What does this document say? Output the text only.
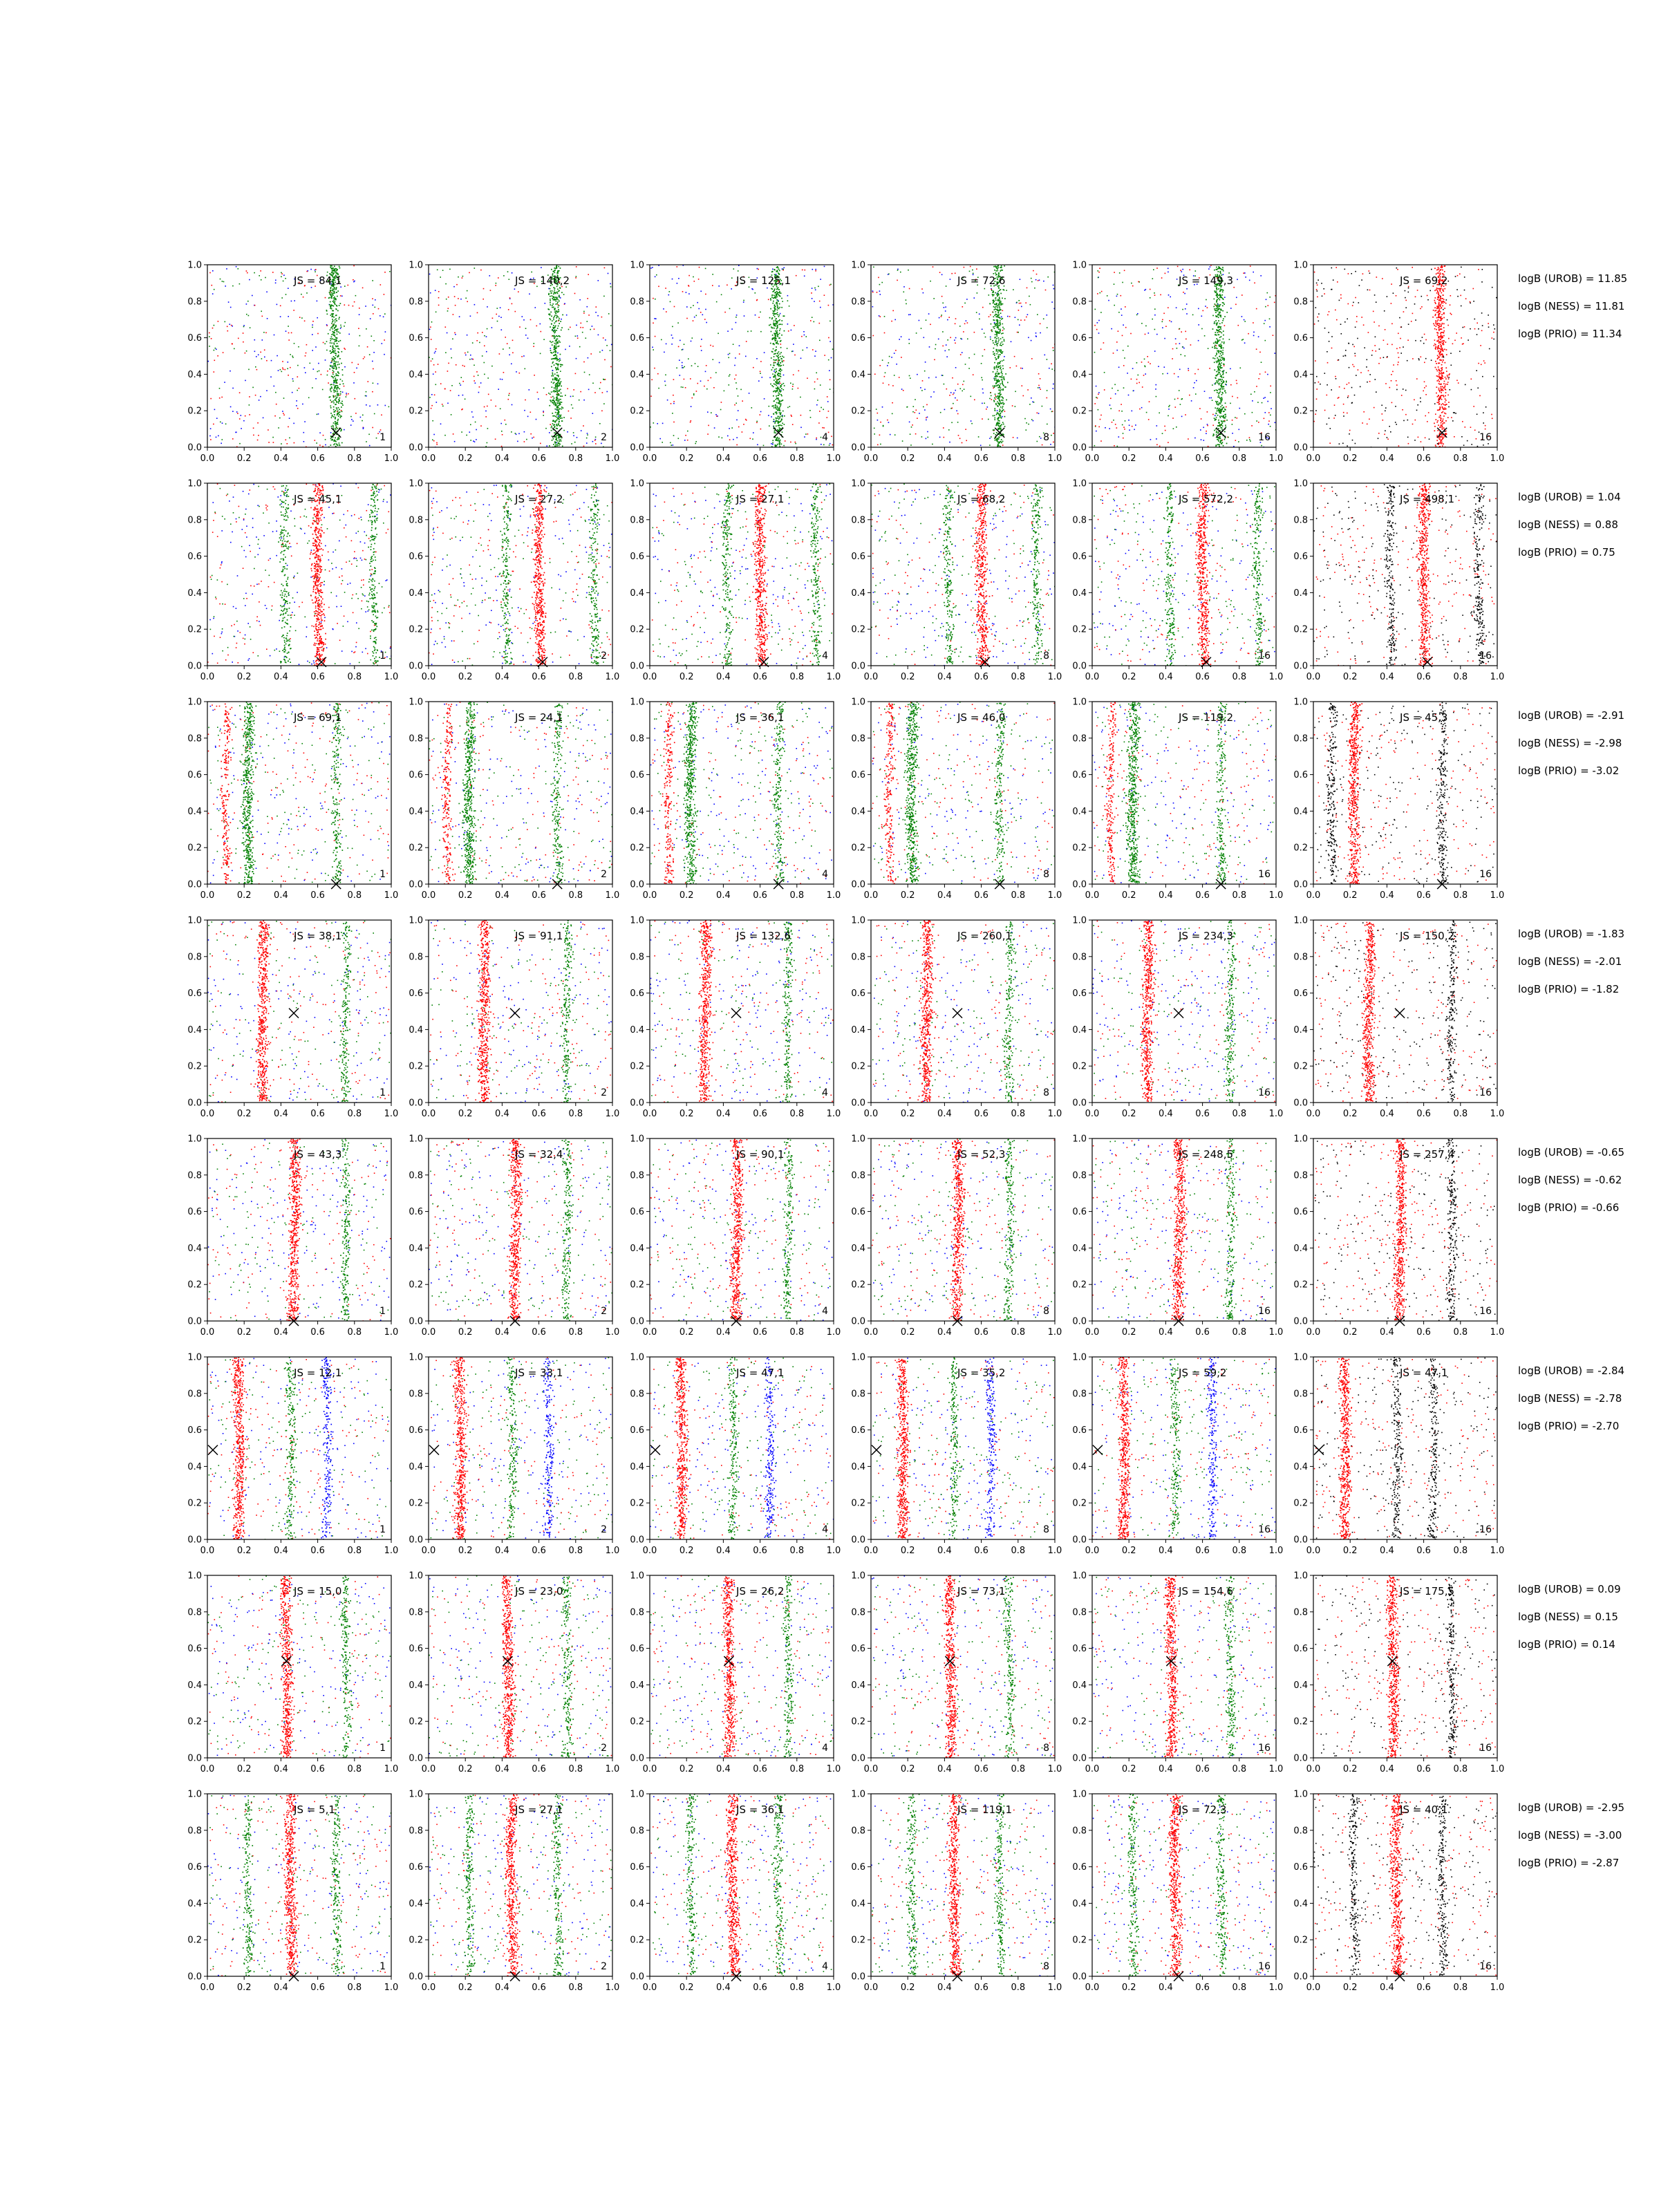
0.0	0.2	0.4	0.6	0.8	1.0
0.0
0.2
0.4
0.6
0.8
1.0
JS = 84,1
1
0.0	0.2	0.4	0.6	0.8	1.0
0.0
0.2
0.4
0.6
0.8
1.0
JS = 140,2
2
0.0	0.2	0.4	0.6	0.8	1.0
0.0
0.2
0.4
0.6
0.8
1.0
JS = 125,1
4
0.0	0.2	0.4	0.6	0.8	1.0
0.0
0.2
0.4
0.6
0.8
1.0
JS = 72,6
8
0.0	0.2	0.4	0.6	0.8	1.0
0.0
0.2
0.4
0.6
0.8
1.0
JS = 149,3
16
0.0	0.2	0.4	0.6	0.8	1.0
0.0
0.2
0.4
0.6
0.8
1.0
JS = 69,2
16
logB (UROB) = 11.85
logB (NESS) = 11.81
logB (PRIO) = 11.34
0.0	0.2	0.4	0.6	0.8	1.0
0.0
0.2
0.4
0.6
0.8
1.0
JS = 45,1
1
0.0	0.2	0.4	0.6	0.8	1.0
0.0
0.2
0.4
0.6
0.8
1.0
JS = 27,2
2
0.0	0.2	0.4	0.6	0.8	1.0
0.0
0.2
0.4
0.6
0.8
1.0
JS = 27,1
4
0.0	0.2	0.4	0.6	0.8	1.0
0.0
0.2
0.4
0.6
0.8
1.0
JS = 68,2
8
0.0	0.2	0.4	0.6	0.8	1.0
0.0
0.2
0.4
0.6
0.8
1.0
JS = 572,2
16
0.0	0.2	0.4	0.6	0.8	1.0
0.0
0.2
0.4
0.6
0.8
1.0
JS = 498,1
16
logB (UROB) = 1.04
logB (NESS) = 0.88
logB (PRIO) = 0.75
0.0	0.2	0.4	0.6	0.8	1.0
0.0
0.2
0.4
0.6
0.8
1.0
JS = 69,1
1
0.0	0.2	0.4	0.6	0.8	1.0
0.0
0.2
0.4
0.6
0.8
1.0
JS = 24,1
2
0.0	0.2	0.4	0.6	0.8	1.0
0.0
0.2
0.4
0.6
0.8
1.0
JS = 36,1
4
0.0	0.2	0.4	0.6	0.8	1.0
0.0
0.2
0.4
0.6
0.8
1.0
JS = 46,0
8
0.0	0.2	0.4	0.6	0.8	1.0
0.0
0.2
0.4
0.6
0.8
1.0
JS = 119,2
16
0.0	0.2	0.4	0.6	0.8	1.0
0.0
0.2
0.4
0.6
0.8
1.0
JS = 45,3
16
logB (UROB) = -2.91
logB (NESS) = -2.98
logB (PRIO) = -3.02
0.0	0.2	0.4	0.6	0.8	1.0
0.0
0.2
0.4
0.6
0.8
1.0
JS = 38,1
1
0.0	0.2	0.4	0.6	0.8	1.0
0.0
0.2
0.4
0.6
0.8
1.0
JS = 91,1
2
0.0	0.2	0.4	0.6	0.8	1.0
0.0
0.2
0.4
0.6
0.8
1.0
JS = 132,6
4
0.0	0.2	0.4	0.6	0.8	1.0
0.0
0.2
0.4
0.6
0.8
1.0
JS = 260,1
8
0.0	0.2	0.4	0.6	0.8	1.0
0.0
0.2
0.4
0.6
0.8
1.0
JS = 234,3
16
0.0	0.2	0.4	0.6	0.8	1.0
0.0
0.2
0.4
0.6
0.8
1.0
JS = 150,2
16
logB (UROB) = -1.83
logB (NESS) = -2.01
logB (PRIO) = -1.82
0.0	0.2	0.4	0.6	0.8	1.0
0.0
0.2
0.4
0.6
0.8
1.0
JS = 43,3
1
0.0	0.2	0.4	0.6	0.8	1.0
0.0
0.2
0.4
0.6
0.8
1.0
JS = 32,4
2
0.0	0.2	0.4	0.6	0.8	1.0
0.0
0.2
0.4
0.6
0.8
1.0
JS = 90,1
4
0.0	0.2	0.4	0.6	0.8	1.0
0.0
0.2
0.4
0.6
0.8
1.0
JS = 52,3
8
0.0	0.2	0.4	0.6	0.8	1.0
0.0
0.2
0.4
0.6
0.8
1.0
JS = 248,5
16
0.0	0.2	0.4	0.6	0.8	1.0
0.0
0.2
0.4
0.6
0.8
1.0
JS = 257,4
16
logB (UROB) = -0.65
logB (NESS) = -0.62
logB (PRIO) = -0.66
0.0	0.2	0.4	0.6	0.8	1.0
0.0
0.2
0.4
0.6
0.8
1.0
JS = 12,1
1
0.0	0.2	0.4	0.6	0.8	1.0
0.0
0.2
0.4
0.6
0.8
1.0
JS = 33,1
2
0.0	0.2	0.4	0.6	0.8	1.0
0.0
0.2
0.4
0.6
0.8
1.0
JS = 47,1
4
0.0	0.2	0.4	0.6	0.8	1.0
0.0
0.2
0.4
0.6
0.8
1.0
JS = 35,2
8
0.0	0.2	0.4	0.6	0.8	1.0
0.0
0.2
0.4
0.6
0.8
1.0
JS = 59,2
16
0.0	0.2	0.4	0.6	0.8	1.0
0.0
0.2
0.4
0.6
0.8
1.0
JS = 47,1
16
logB (UROB) = -2.84
logB (NESS) = -2.78
logB (PRIO) = -2.70
0.0	0.2	0.4	0.6	0.8	1.0
0.0
0.2
0.4
0.6
0.8
1.0
JS = 15,0
1
0.0	0.2	0.4	0.6	0.8	1.0
0.0
0.2
0.4
0.6
0.8
1.0
JS = 23,0
2
0.0	0.2	0.4	0.6	0.8	1.0
0.0
0.2
0.4
0.6
0.8
1.0
JS = 26,2
4
0.0	0.2	0.4	0.6	0.8	1.0
0.0
0.2
0.4
0.6
0.8
1.0
JS = 73,1
8
0.0	0.2	0.4	0.6	0.8	1.0
0.0
0.2
0.4
0.6
0.8
1.0
JS = 154,6
16
0.0	0.2	0.4	0.6	0.8	1.0
0.0
0.2
0.4
0.6
0.8
1.0
JS = 175,5
16
logB (UROB) = 0.09
logB (NESS) = 0.15
logB (PRIO) = 0.14
0.0	0.2	0.4	0.6	0.8	1.0
0.0
0.2
0.4
0.6
0.8
1.0
JS = 5,1
1
0.0	0.2	0.4	0.6	0.8	1.0
0.0
0.2
0.4
0.6
0.8
1.0
JS = 27,1
2
0.0	0.2	0.4	0.6	0.8	1.0
0.0
0.2
0.4
0.6
0.8
1.0
JS = 36,1
4
0.0	0.2	0.4	0.6	0.8	1.0
0.0
0.2
0.4
0.6
0.8
1.0
JS = 119,1
8
0.0	0.2	0.4	0.6	0.8	1.0
0.0
0.2
0.4
0.6
0.8
1.0
JS = 72,3
16
0.0	0.2	0.4	0.6	0.8	1.0
0.0
0.2
0.4
0.6
0.8
1.0
JS = 40,1
16
logB (UROB) = -2.95
logB (NESS) = -3.00
logB (PRIO) = -2.87
